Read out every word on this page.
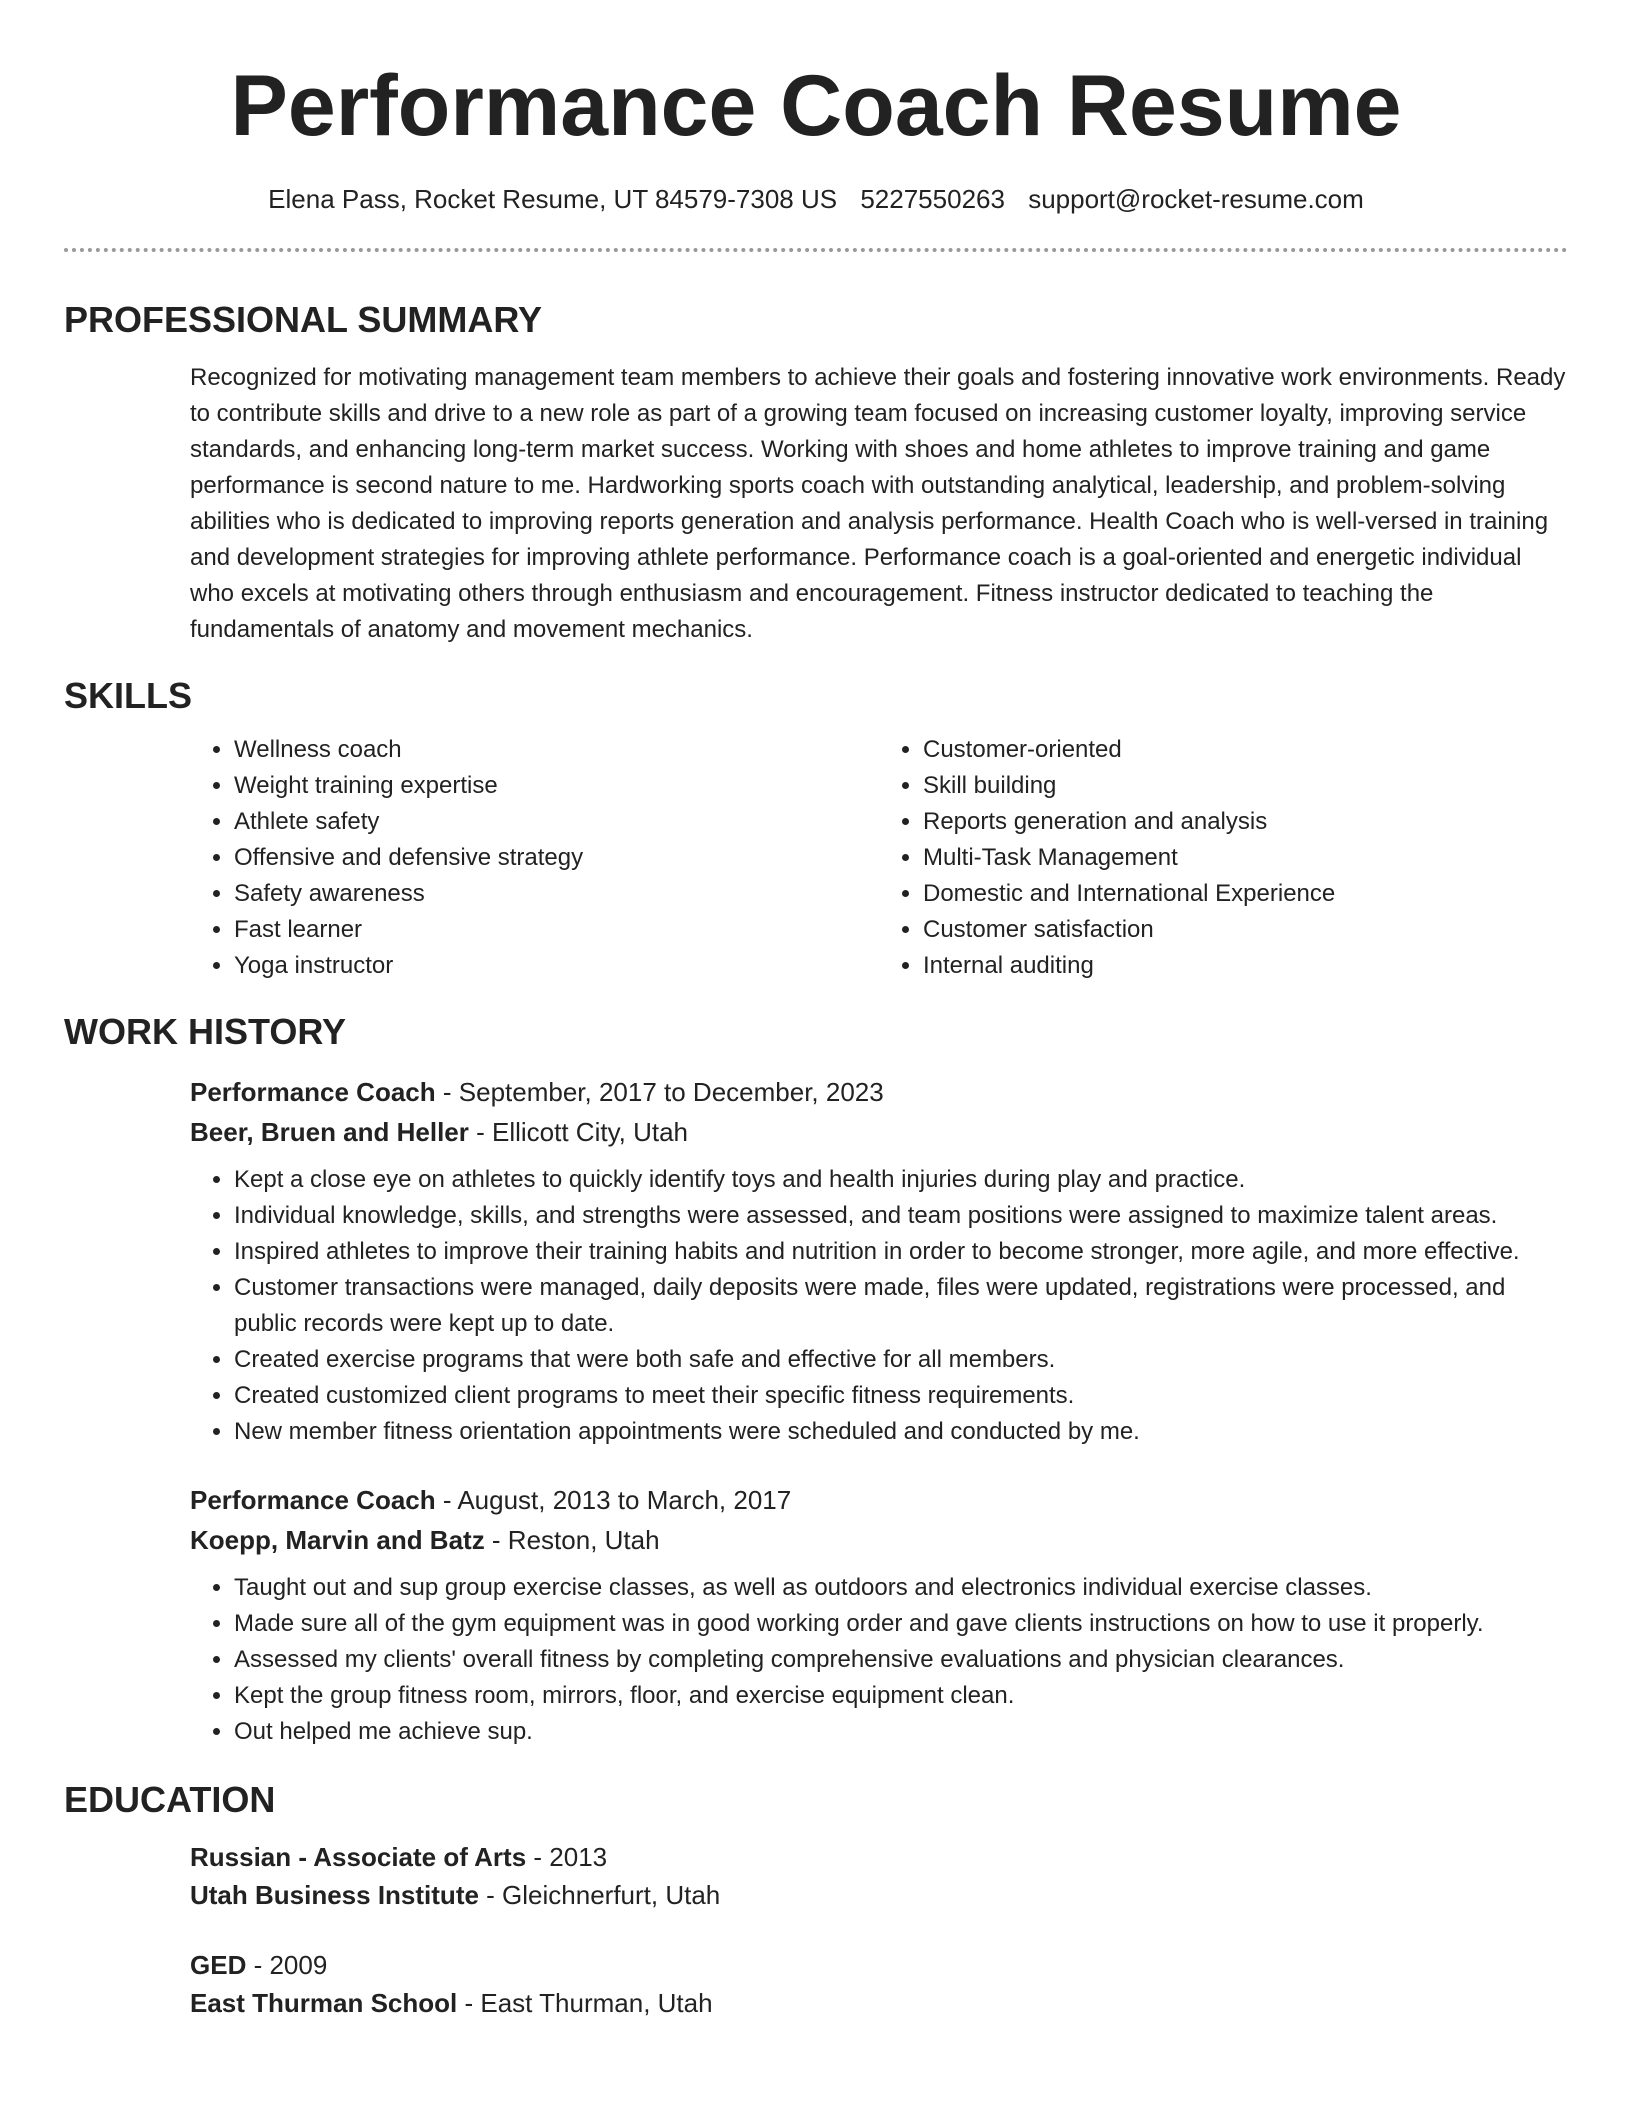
Performance Coach Resume
Elena Pass, Rocket Resume, UT 84579-7308 US 5227550263 support@rocket-resume.com
PROFESSIONAL SUMMARY

Recognized for motivating management team members to achieve their goals and fostering innovative work environments. Ready to contribute skills and drive to a new role as part of a growing team focused on increasing customer loyalty, improving service standards, and enhancing long-term market success. Working with shoes and home athletes to improve training and game performance is second nature to me. Hardworking sports coach with outstanding analytical, leadership, and problem-solving abilities who is dedicated to improving reports generation and analysis performance. Health Coach who is well-versed in training and development strategies for improving athlete performance. Performance coach is a goal-oriented and energetic individual who excels at motivating others through enthusiasm and encouragement. Fitness instructor dedicated to teaching the fundamentals of anatomy and movement mechanics.

SKILLS
• Wellness coach
• Weight training expertise
• Athlete safety
• Offensive and defensive strategy
• Safety awareness
• Fast learner
• Yoga instructor
• Customer-oriented
• Skill building
• Reports generation and analysis
• Multi-Task Management
• Domestic and International Experience
• Customer satisfaction
• Internal auditing
WORK HISTORY
Performance Coach - September, 2017 to December, 2023
Beer, Bruen and Heller - Ellicott City, Utah
• Kept a close eye on athletes to quickly identify toys and health injuries during play and practice.
• Individual knowledge, skills, and strengths were assessed, and team positions were assigned to maximize talent areas.
• Inspired athletes to improve their training habits and nutrition in order to become stronger, more agile, and more effective.
• Customer transactions were managed, daily deposits were made, files were updated, registrations were processed, and public records were kept up to date.
• Created exercise programs that were both safe and effective for all members.
• Created customized client programs to meet their specific fitness requirements.
• New member fitness orientation appointments were scheduled and conducted by me.
Performance Coach - August, 2013 to March, 2017
Koepp, Marvin and Batz - Reston, Utah
• Taught out and sup group exercise classes, as well as outdoors and electronics individual exercise classes.
• Made sure all of the gym equipment was in good working order and gave clients instructions on how to use it properly.
• Assessed my clients' overall fitness by completing comprehensive evaluations and physician clearances.
• Kept the group fitness room, mirrors, floor, and exercise equipment clean.
• Out helped me achieve sup.
EDUCATION
Russian - Associate of Arts - 2013
Utah Business Institute - Gleichnerfurt, Utah
GED - 2009
East Thurman School - East Thurman, Utah
